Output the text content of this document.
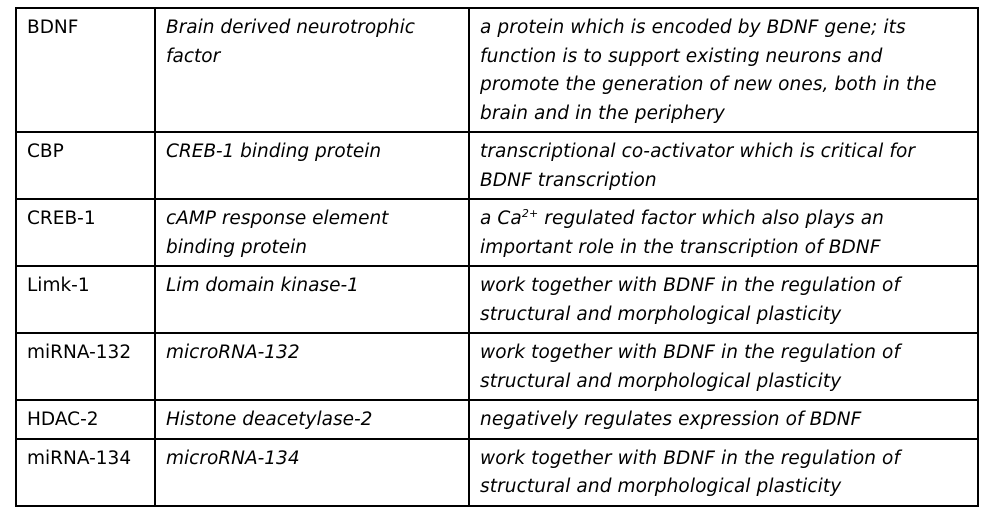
BDNF	Brain derived neurotrophic factor	a protein which is encoded by BDNF gene; its function is to support existing neurons and promote the generation of new ones, both in the brain and in the periphery
CBP	CREB-1 binding protein	transcriptional co-activator which is critical for BDNF transcription
CREB-1	cAMP response element binding protein	a $Ca^{2+}$ regulated factor which also plays an important role in the transcription of BDNF
Limk-1	Lim domain kinase-1	work together with BDNF in the regulation of structural and morphological plasticity
miRNA-132	microRNA-132	work together with BDNF in the regulation of structural and morphological plasticity
HDAC-2	Histone deacetylase-2	negatively regulates expression of BDNF
miRNA-134	microRNA-134	work together with BDNF in the regulation of structural and morphological plasticity
